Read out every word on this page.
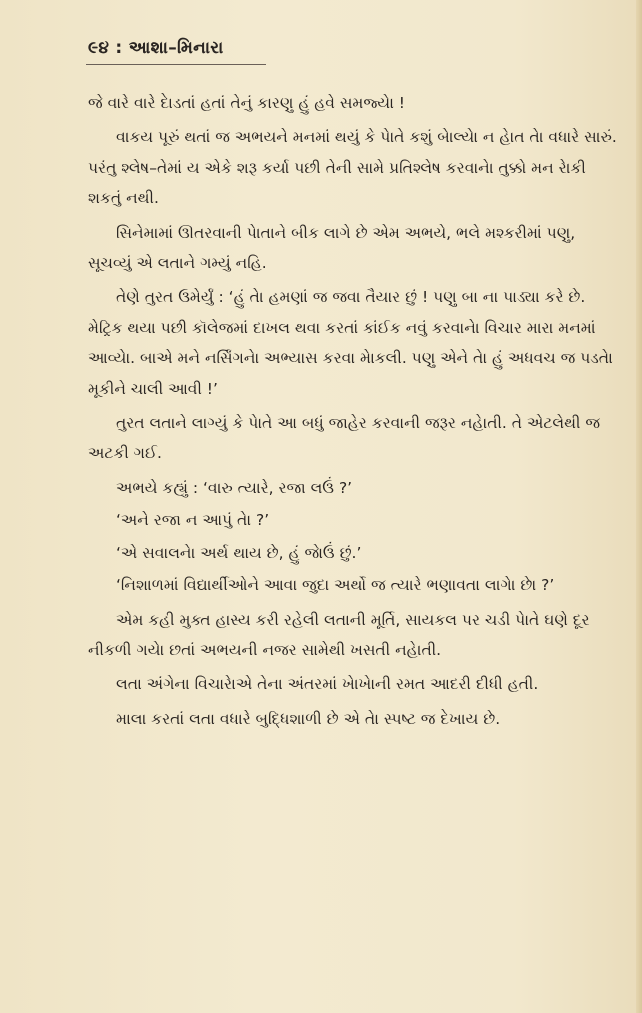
૯૪ : આશા–મિનારા

જે વારે વારે દેાડતાં હતાં તેનું કારણુ હું હવે સમજ્યેા !

વાકય પૂરું થતાં જ અભયને મનમાં થયું કે પેાતે કશું બેાલ્યેા ન હેાત તેા વધારે સારું. પરંતુ શ્લેષ–તેમાં ય એકે શરૂ કર્યા પછી તેની સામે પ્રતિશ્લેષ કરવાનેા તુક્કો મન રેાકી શકતું નથી.

સિનેમામાં ઊતરવાની પેાતાને બીક લાગે છે એમ અભયે, ભલે મશ્કરીમાં પણુ, સૂચવ્યું એ લતાને ગમ્યું નહિ.

તેણે તુરત ઉમેર્યું : ‘હું તેા હમણાં જ જવા તૈયાર છું ! પણુ બા ના પાડ્યા કરે છે. મેટ્રિક થયા પછી કૉલેજમાં દાખલ થવા કરતાં કાંઈક નવું કરવાનેા વિચાર મારા મનમાં આવ્યેા. બાએ મને નર્સિંગનેા અભ્યાસ કરવા મેાકલી. પણુ એને તેા હું અધવચ જ પડતેા મૂકીને ચાલી આવી !’

તુરત લતાને લાગ્યું કે પેાતે આ બધું જાહેર કરવાની જરૂર નહેાતી. તે એટલેથી જ અટકી ગઈ.

અભયે કહ્યું : ‘વારુ ત્યારે, રજા લઉં ?’

‘અને રજા ન આપું તેા ?’

‘એ સવાલનેા અર્થ થાય છે, હું જેાઉં છું.’

‘નિશાળમાં વિદ્યાર્થીઓને આવા જુદા અર્થો જ ત્યારે ભણાવતા લાગેા છેા ?’

એમ કહી મુક્ત હાસ્ય કરી રહેલી લતાની મૂર્તિ, સાયકલ પર ચડી પેાતે ઘણે દૂર નીકળી ગયેા છતાં અભયની નજર સામેથી ખસતી નહેાતી.

લતા અંગેના વિચારેાએ તેના અંતરમાં ખેાખેાની રમત આદરી દીધી હતી.

માલા કરતાં લતા વધારે બુદ્ધિશાળી છે એ તેા સ્પષ્ટ જ દેખાય છે.
